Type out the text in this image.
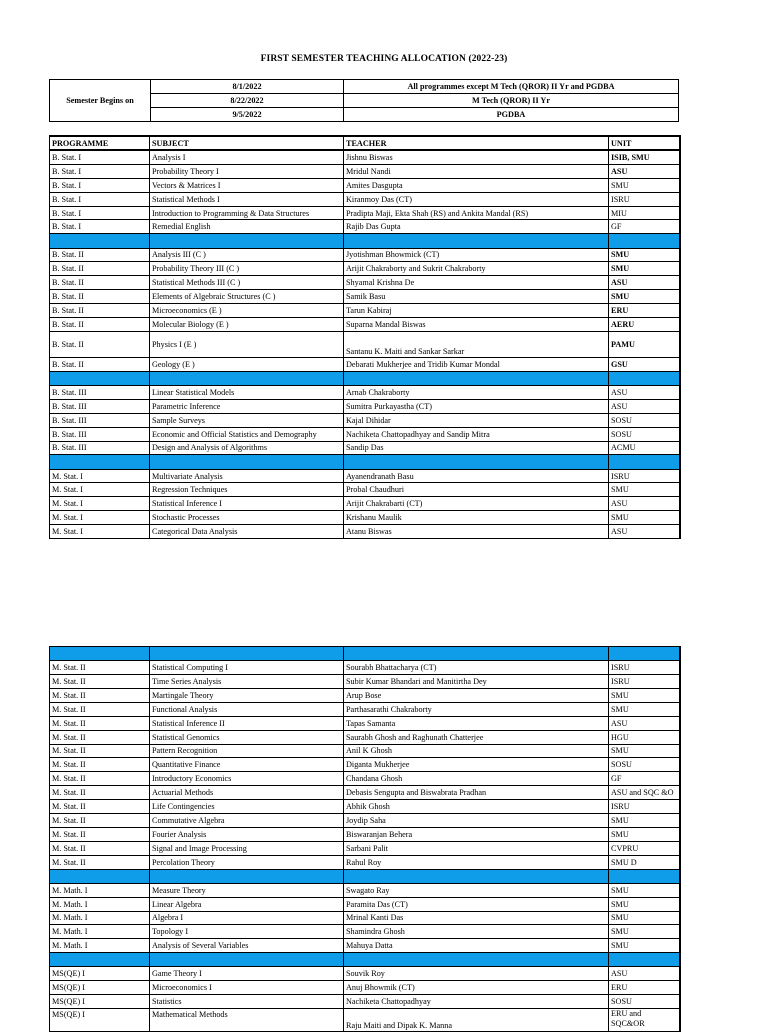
FIRST SEMESTER TEACHING ALLOCATION (2022-23)
Semester Begins on	8/1/2022	All programmes except M Tech (QROR) II Yr and PGDBA
	8/22/2022	M Tech (QROR) II Yr
	9/5/2022	PGDBA
PROGRAMME	SUBJECT	TEACHER	UNIT
B. Stat. I	Analysis I	Jishnu Biswas	ISIB, SMU
B. Stat. I	Probability Theory I	Mridul Nandi	ASU
B. Stat. I	Vectors & Matrices I	Amites Dasgupta	SMU
B. Stat. I	Statistical Methods I	Kiranmoy Das (CT)	ISRU
B. Stat. I	Introduction to Programming & Data Structures	Pradipta Maji, Ekta Shah (RS) and Ankita Mandal (RS)	MIU
B. Stat. I	Remedial English	Rajib Das Gupta	GF

B. Stat. II	Analysis III (C )	Jyotishman Bhowmick (CT)	SMU
B. Stat. II	Probability Theory III (C )	Arijit Chakraborty and Sukrit Chakraborty	SMU
B. Stat. II	Statistical Methods III (C )	Shyamal Krishna De	ASU
B. Stat. II	Elements of Algebraic Structures (C )	Samik Basu	SMU
B. Stat. II	Microeconomics (E )	Tarun Kabiraj	ERU
B. Stat. II	Molecular Biology (E )	Suparna Mandal Biswas	AERU
B. Stat. II	Physics I (E )	Santanu K. Maiti and Sankar Sarkar	PAMU
B. Stat. II	Geology (E )	Debarati Mukherjee and Tridib Kumar Mondal	GSU

B. Stat. III	Linear Statistical Models	Arnab Chakraborty	ASU
B. Stat. III	Parametric Inference	Sumitra Purkayastha (CT)	ASU
B. Stat. III	Sample Surveys	Kajal Dihidar	SOSU
B. Stat. III	Economic and Official Statistics and Demography	Nachiketa Chattopadhyay and Sandip Mitra	SOSU
B. Stat. III	Design and Analysis of Algorithms	Sandip Das	ACMU

M. Stat. I	Multivariate Analysis	Ayanendranath Basu	ISRU
M. Stat. I	Regression Techniques	Probal Chaudhuri	SMU
M. Stat. I	Statistical Inference I	Arijit Chakrabarti (CT)	ASU
M. Stat. I	Stochastic Processes	Krishanu Maulik	SMU
M. Stat. I	Categorical Data Analysis	Atanu Biswas	ASU

M. Stat. II	Statistical Computing I	Sourabh Bhattacharya (CT)	ISRU
M. Stat. II	Time Series Analysis	Subir Kumar Bhandari and Manitirtha Dey	ISRU
M. Stat. II	Martingale Theory	Arup Bose	SMU
M. Stat. II	Functional Analysis	Parthasarathi Chakraborty	SMU
M. Stat. II	Statistical Inference II	Tapas Samanta	ASU
M. Stat. II	Statistical Genomics	Saurabh Ghosh and Raghunath Chatterjee	HGU
M. Stat. II	Pattern Recognition	Anil K Ghosh	SMU
M. Stat. II	Quantitative Finance	Diganta Mukherjee	SOSU
M. Stat. II	Introductory Economics	Chandana Ghosh	GF
M. Stat. II	Actuarial Methods	Debasis Sengupta and Biswabrata Pradhan	ASU and SQC &O
M. Stat. II	Life Contingencies	Abhik Ghosh	ISRU
M. Stat. II	Commutative Algebra	Joydip Saha	SMU
M. Stat. II	Fourier Analysis	Biswaranjan Behera	SMU
M. Stat. II	Signal and Image Processing	Sarbani Palit	CVPRU
M. Stat. II	Percolation Theory	Rahul Roy	SMU D

M. Math. I	Measure Theory	Swagato Ray	SMU
M. Math. I	Linear Algebra	Paramita Das (CT)	SMU
M. Math. I	Algebra I	Mrinal Kanti Das	SMU
M. Math. I	Topology I	Shamindra Ghosh	SMU
M. Math. I	Analysis of Several Variables	Mahuya Datta	SMU

MS(QE) I	Game Theory I	Souvik Roy	ASU
MS(QE) I	Microeconomics I	Anuj Bhowmik (CT)	ERU
MS(QE) I	Statistics	Nachiketa Chattopadhyay	SOSU
MS(QE) I	Mathematical Methods	Raju Maiti and Dipak K. Manna	ERU and SQC&OR
